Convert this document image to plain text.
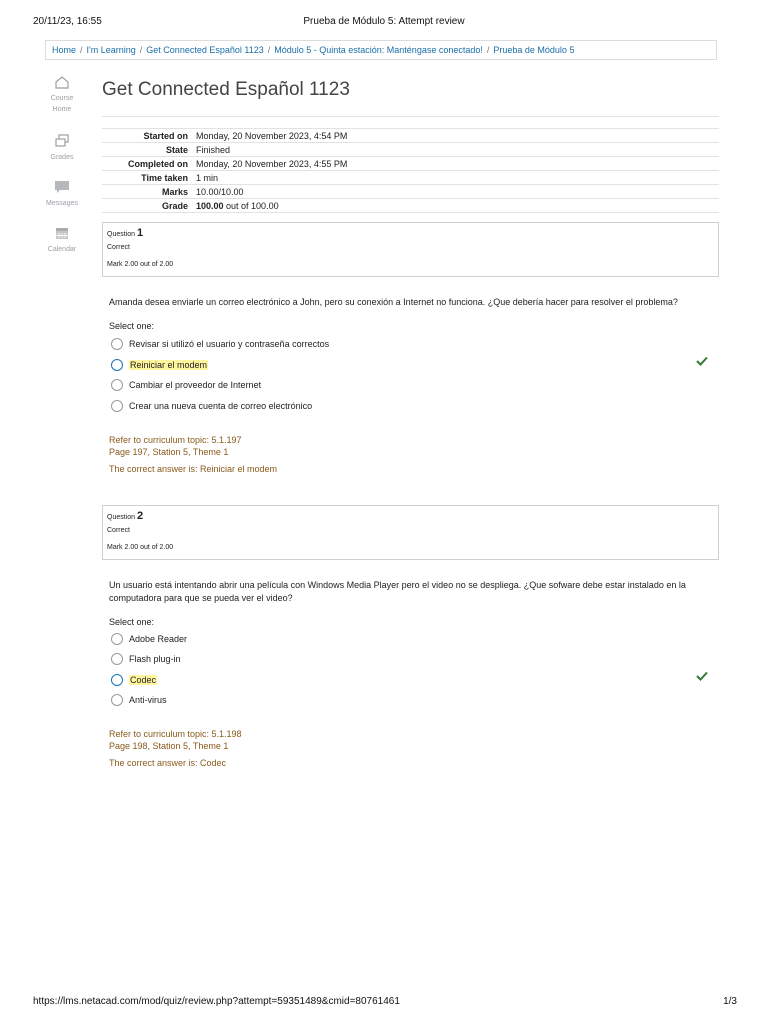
20/11/23, 16:55	Prueba de Módulo 5: Attempt review
Home / I'm Learning / Get Connected Español 1123 / Módulo 5 - Quinta estación: Manténgase conectado! / Prueba de Módulo 5
Course
Home
Grades
Messages
Calendar
Get Connected Español 1123
Started on	Monday, 20 November 2023, 4:54 PM
State	Finished
Completed on	Monday, 20 November 2023, 4:55 PM
Time taken	1 min
Marks	10.00/10.00
Grade	100.00 out of 100.00
Question 1
Correct
Mark 2.00 out of 2.00
Amanda desea enviarle un correo electrónico a John, pero su conexión a Internet no funciona. ¿Que debería hacer para resolver el problema?
Select one:
Revisar si utilizó el usuario y contraseña correctos
Reiniciar el modem
Cambiar el proveedor de Internet
Crear una nueva cuenta de correo electrónico
Refer to curriculum topic: 5.1.197
Page 197, Station 5, Theme 1
The correct answer is: Reiniciar el modem
Question 2
Correct
Mark 2.00 out of 2.00
Un usuario está intentando abrir una película con Windows Media Player pero el video no se despliega. ¿Que sofware debe estar instalado en la
computadora para que se pueda ver el video?
Select one:
Adobe Reader
Flash plug-in
Codec
Anti-virus
Refer to curriculum topic: 5.1.198
Page 198, Station 5, Theme 1
The correct answer is: Codec
https://lms.netacad.com/mod/quiz/review.php?attempt=59351489&cmid=80761461	1/3
